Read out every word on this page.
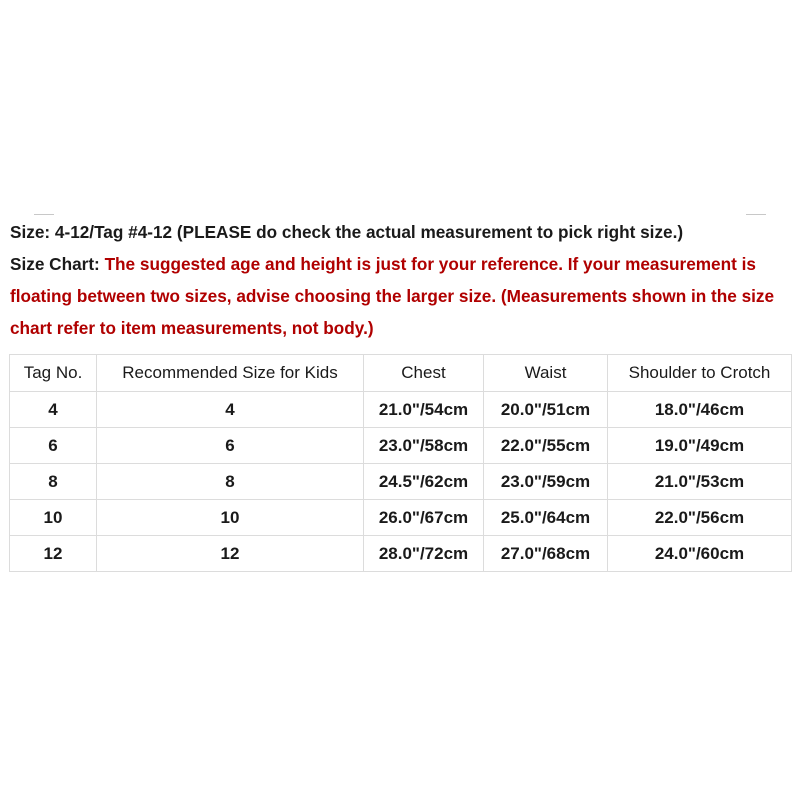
Size: 4-12/Tag #4-12 (PLEASE do check the actual measurement to pick right size.)
Size Chart: The suggested age and height is just for your reference. If your measurement is floating between two sizes, advise choosing the larger size. (Measurements shown in the size chart refer to item measurements, not body.)
Tag No.	Recommended Size for Kids	Chest	Waist	Shoulder to Crotch
4	4	21.0"/54cm	20.0"/51cm	18.0"/46cm
6	6	23.0"/58cm	22.0"/55cm	19.0"/49cm
8	8	24.5"/62cm	23.0"/59cm	21.0"/53cm
10	10	26.0"/67cm	25.0"/64cm	22.0"/56cm
12	12	28.0"/72cm	27.0"/68cm	24.0"/60cm
